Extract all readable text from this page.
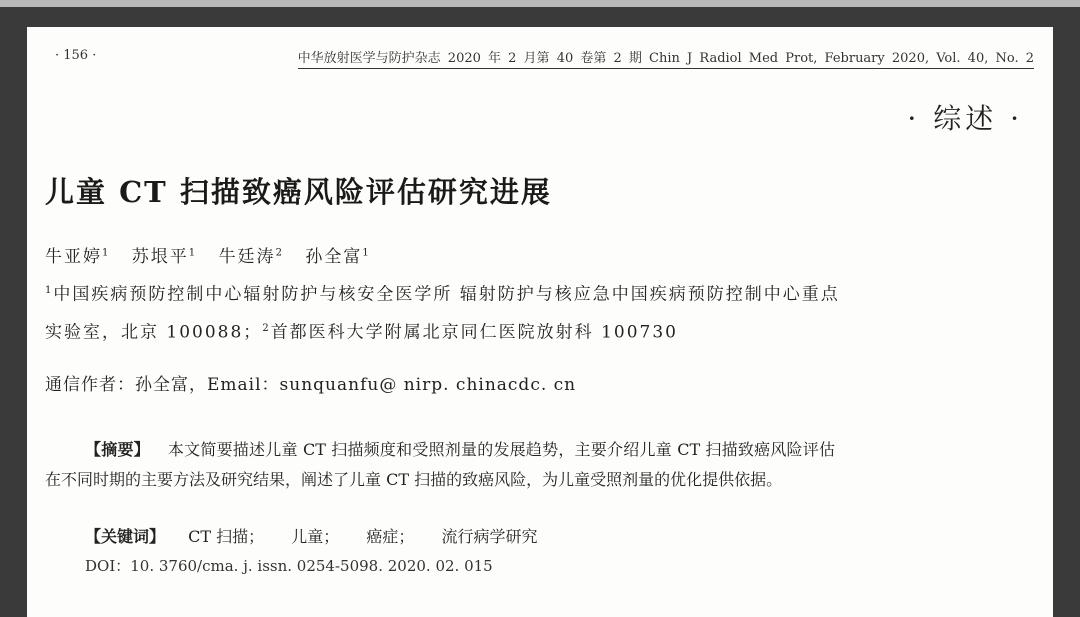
· 156 ·	中华放射医学与防护杂志 2020 年 2 月第 40 卷第 2 期 Chin J Radiol Med Prot, February 2020, Vol. 40, No. 2
· 综述 ·
儿童 CT 扫描致癌风险评估研究进展
牛亚婷$^1$ 苏垠平$^1$ 牛廷涛$^2$ 孙全富$^1$
$^1$中国疾病预防控制中心辐射防护与核安全医学所 辐射防护与核应急中国疾病预防控制中心重点实验室，北京 100088；$^2$首都医科大学附属北京同仁医院放射科 100730
通信作者：孙全富，Email：sunquanfu@ nirp. chinacdc. cn
【摘要】 本文简要描述儿童 CT 扫描频度和受照剂量的发展趋势，主要介绍儿童 CT 扫描致癌风险评估在不同时期的主要方法及研究结果，阐述了儿童 CT 扫描的致癌风险，为儿童受照剂量的优化提供依据。
【关键词】 CT 扫描； 儿童； 癌症； 流行病学研究
DOI：10. 3760/cma. j. issn. 0254-5098. 2020. 02. 015
